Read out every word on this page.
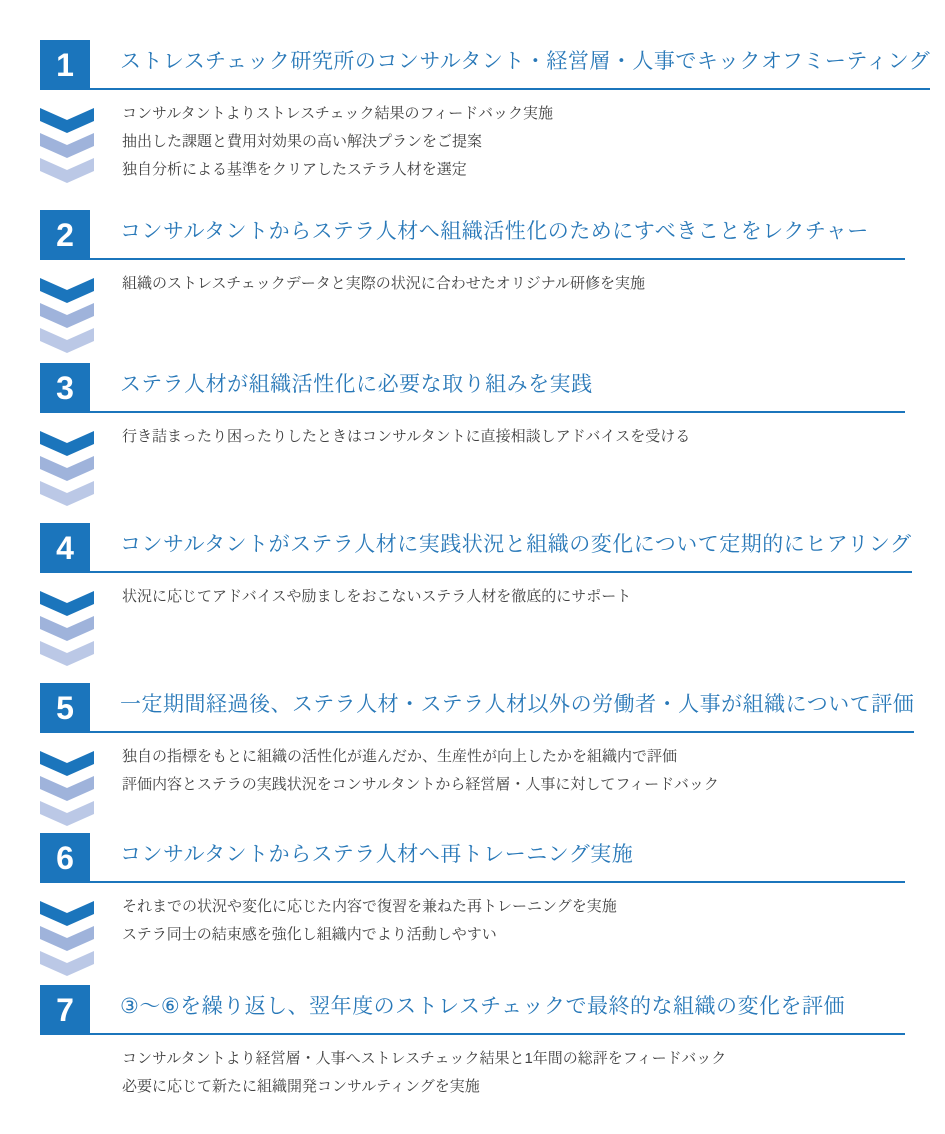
1	ストレスチェック研究所のコンサルタント・経営層・人事でキックオフミーティング

コンサルタントよりストレスチェック結果のフィードバック実施

抽出した課題と費用対効果の高い解決プランをご提案

独自分析による基準をクリアしたステラ人材を選定

2	コンサルタントからステラ人材へ組織活性化のためにすべきことをレクチャー

組織のストレスチェックデータと実際の状況に合わせたオリジナル研修を実施

3	ステラ人材が組織活性化に必要な取り組みを実践

行き詰まったり困ったりしたときはコンサルタントに直接相談しアドバイスを受ける

4	コンサルタントがステラ人材に実践状況と組織の変化について定期的にヒアリング

状況に応じてアドバイスや励ましをおこないステラ人材を徹底的にサポート

5	一定期間経過後、ステラ人材・ステラ人材以外の労働者・人事が組織について評価

独自の指標をもとに組織の活性化が進んだか、生産性が向上したかを組織内で評価

評価内容とステラの実践状況をコンサルタントから経営層・人事に対してフィードバック

6	コンサルタントからステラ人材へ再トレーニング実施

それまでの状況や変化に応じた内容で復習を兼ねた再トレーニングを実施

ステラ同士の結束感を強化し組織内でより活動しやすい

7	③～⑥を繰り返し、翌年度のストレスチェックで最終的な組織の変化を評価

コンサルタントより経営層・人事へストレスチェック結果と1年間の総評をフィードバック

必要に応じて新たに組織開発コンサルティングを実施
